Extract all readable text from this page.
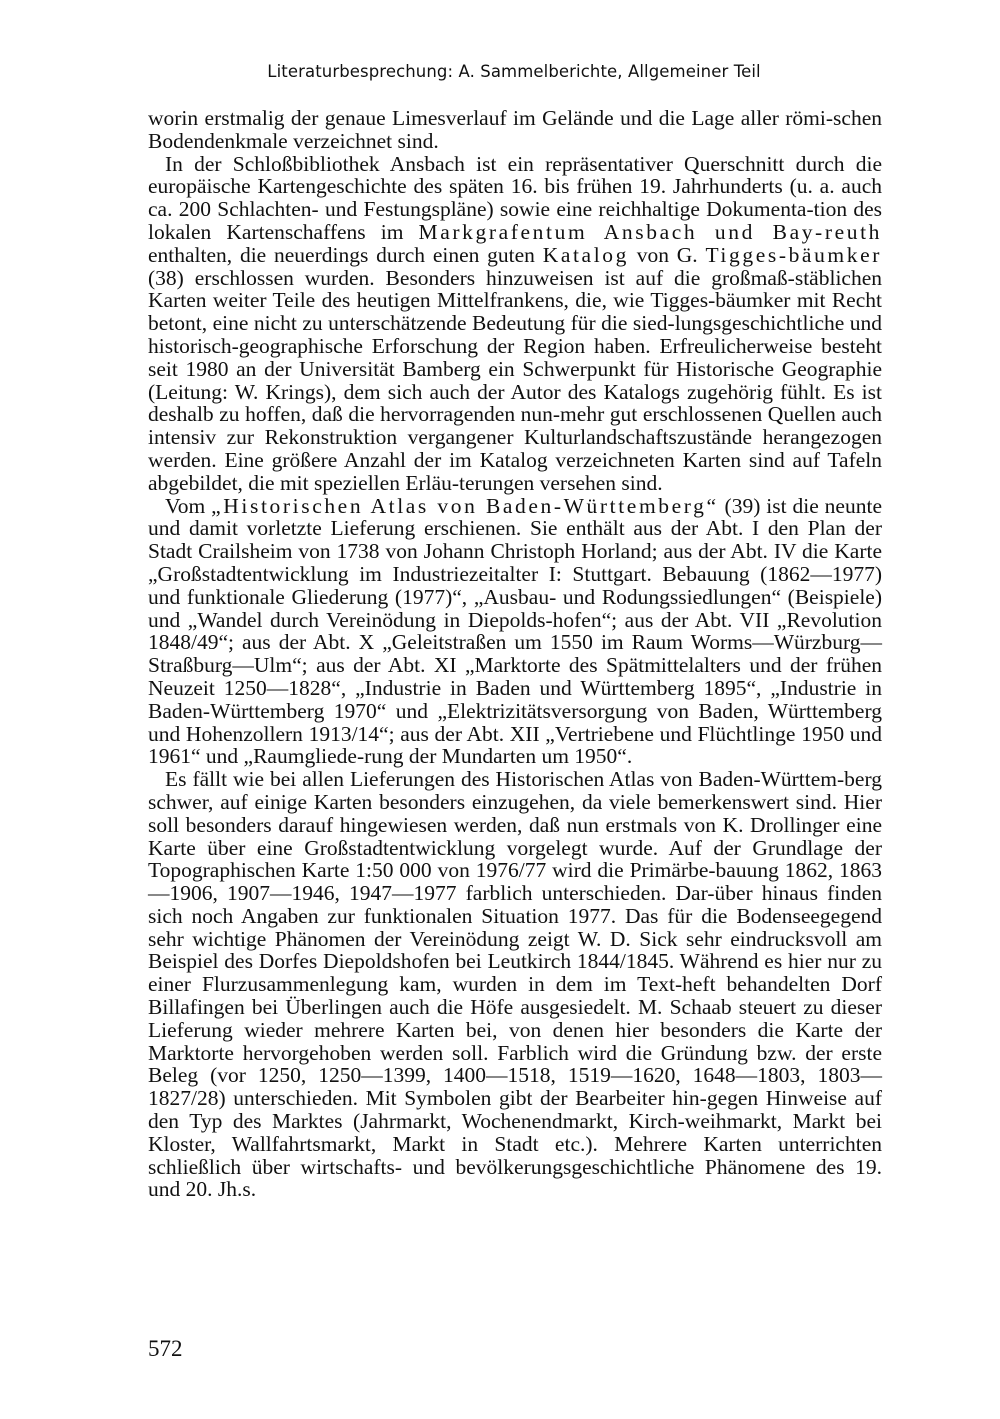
Literaturbesprechung: A. Sammelberichte, Allgemeiner Teil

worin erstmalig der genaue Limesverlauf im Gelände und die Lage aller römi-schen Bodendenkmale verzeichnet sind.

In der Schloßbibliothek Ansbach ist ein repräsentativer Querschnitt durch die europäische Kartengeschichte des späten 16. bis frühen 19. Jahrhunderts (u. a. auch ca. 200 Schlachten- und Festungspläne) sowie eine reichhaltige Dokumenta-tion des lokalen Kartenschaffens im Markgrafentum Ansbach und Bay-reuth enthalten, die neuerdings durch einen guten Katalog von G. Tigges-bäumker (38) erschlossen wurden. Besonders hinzuweisen ist auf die großmaß-stäblichen Karten weiter Teile des heutigen Mittelfrankens, die, wie Tigges-bäumker mit Recht betont, eine nicht zu unterschätzende Bedeutung für die sied-lungsgeschichtliche und historisch-geographische Erforschung der Region haben. Erfreulicherweise besteht seit 1980 an der Universität Bamberg ein Schwerpunkt für Historische Geographie (Leitung: W. Krings), dem sich auch der Autor des Katalogs zugehörig fühlt. Es ist deshalb zu hoffen, daß die hervorragenden nun-mehr gut erschlossenen Quellen auch intensiv zur Rekonstruktion vergangener Kulturlandschaftszustände herangezogen werden. Eine größere Anzahl der im Katalog verzeichneten Karten sind auf Tafeln abgebildet, die mit speziellen Erläu-terungen versehen sind.

Vom „Historischen Atlas von Baden-Württemberg“ (39) ist die neunte und damit vorletzte Lieferung erschienen. Sie enthält aus der Abt. I den Plan der Stadt Crailsheim von 1738 von Johann Christoph Horland; aus der Abt. IV die Karte „Großstadtentwicklung im Industriezeitalter I: Stuttgart. Bebauung (1862—1977) und funktionale Gliederung (1977)“, „Ausbau- und Rodungssiedlungen“ (Beispiele) und „Wandel durch Vereinödung in Diepolds-hofen“; aus der Abt. VII „Revolution 1848/49“; aus der Abt. X „Geleitstraßen um 1550 im Raum Worms—Würzburg—Straßburg—Ulm“; aus der Abt. XI „Marktorte des Spätmittelalters und der frühen Neuzeit 1250—1828“, „Industrie in Baden und Württemberg 1895“, „Industrie in Baden-Württemberg 1970“ und „Elektrizitätsversorgung von Baden, Württemberg und Hohenzollern 1913/14“; aus der Abt. XII „Vertriebene und Flüchtlinge 1950 und 1961“ und „Raumgliede-rung der Mundarten um 1950“.

Es fällt wie bei allen Lieferungen des Historischen Atlas von Baden-Württem-berg schwer, auf einige Karten besonders einzugehen, da viele bemerkenswert sind. Hier soll besonders darauf hingewiesen werden, daß nun erstmals von K. Drollinger eine Karte über eine Großstadtentwicklung vorgelegt wurde. Auf der Grundlage der Topographischen Karte 1:50 000 von 1976/77 wird die Primärbe-bauung 1862, 1863—1906, 1907—1946, 1947—1977 farblich unterschieden. Dar-über hinaus finden sich noch Angaben zur funktionalen Situation 1977. Das für die Bodenseegegend sehr wichtige Phänomen der Vereinödung zeigt W. D. Sick sehr eindrucksvoll am Beispiel des Dorfes Diepoldshofen bei Leutkirch 1844/1845. Während es hier nur zu einer Flurzusammenlegung kam, wurden in dem im Text-heft behandelten Dorf Billafingen bei Überlingen auch die Höfe ausgesiedelt. M. Schaab steuert zu dieser Lieferung wieder mehrere Karten bei, von denen hier besonders die Karte der Marktorte hervorgehoben werden soll. Farblich wird die Gründung bzw. der erste Beleg (vor 1250, 1250—1399, 1400—1518, 1519—1620, 1648—1803, 1803—1827/28) unterschieden. Mit Symbolen gibt der Bearbeiter hin-gegen Hinweise auf den Typ des Marktes (Jahrmarkt, Wochenendmarkt, Kirch-weihmarkt, Markt bei Kloster, Wallfahrtsmarkt, Markt in Stadt etc.). Mehrere Karten unterrichten schließlich über wirtschafts- und bevölkerungsgeschichtliche Phänomene des 19. und 20. Jh.s.

572
